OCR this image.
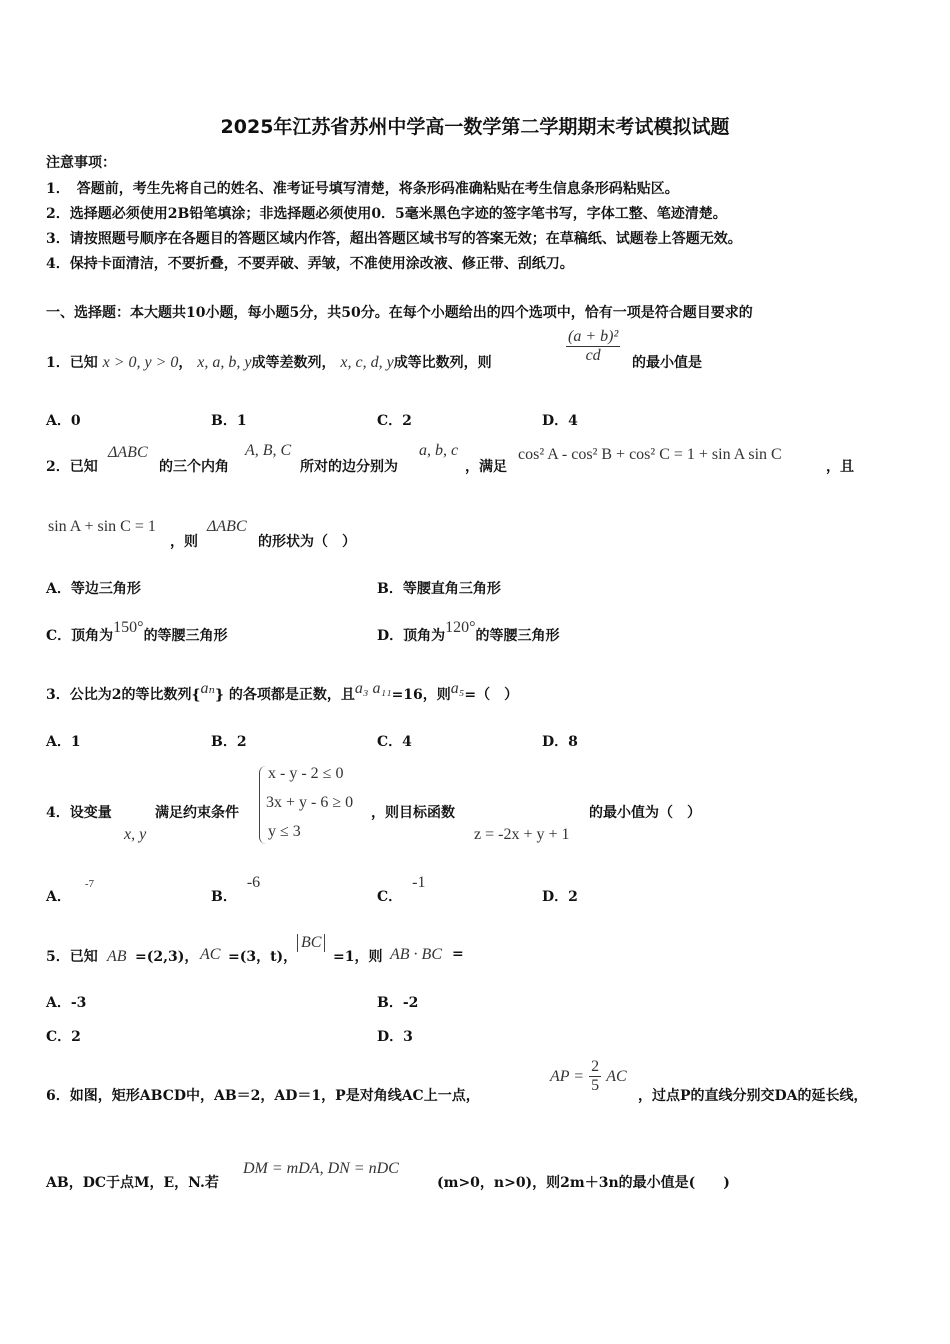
2025年江苏省苏州中学高一数学第二学期期末考试模拟试题
注意事项：
1．　答题前，考生先将自己的姓名、准考证号填写清楚，将条形码准确粘贴在考生信息条形码粘贴区。
2．选择题必须使用2B铅笔填涂；非选择题必须使用0．5毫米黑色字迹的签字笔书写，字体工整、笔迹清楚。
3．请按照题号顺序在各题目的答题区域内作答，超出答题区域书写的答案无效；在草稿纸、试题卷上答题无效。
4．保持卡面清洁，不要折叠，不要弄破、弄皱，不准使用涂改液、修正带、刮纸刀。
一、选择题：本大题共10小题，每小题5分，共50分。在每个小题给出的四个选项中，恰有一项是符合题目要求的
1．已知 x > 0, y > 0， x, a, b, y成等差数列， x, c, d, y成等比数列，则	$\frac{\text{(a + b)²}}{cd}$ 的最小值是
A．0	B．1	C．2	D．4
2．已知
ΔABC
的三个内角
A, B, C
所对的边分别为
a, b, c
，满足
cos² A - cos² B + cos² C = 1 + sin A sin C
，且
sin A + sin C = 1
，则
ΔABC
的形状为（　）
A．等边三角形	B．等腰直角三角形
C．顶角为150°的等腰三角形	D．顶角为120°的等腰三角形
3．公比为2的等比数列{aₙ} 的各项都是正数，且a₃ a₁₁=16，则a₅=（　）
A．1	B．2	C．4	D．8
4．设变量
x, y
满足约束条件
x - y - 2 ≤ 0
3x + y - 6 ≥ 0
y ≤ 3
，则目标函数
z = -2x + y + 1
的最小值为（　）
A．$^{-7}$
B．-6
C．-1
D．2
5．已知 AB =(2,3)， AC =(3，t)，
BC
=1，则 AB · BC =
A．-3	B．-2
C．2	D．3
6．如图，矩形ABCD中，AB＝2，AD＝1，P是对角线AC上一点，
AP = $\frac{2}{5}$ AC
，过点P的直线分别交DA的延长线，
AB，DC于点M，E，N.若
DM = mDA, DN = nDC
(m>0，n>0)，则2m＋3n的最小值是(　　)
